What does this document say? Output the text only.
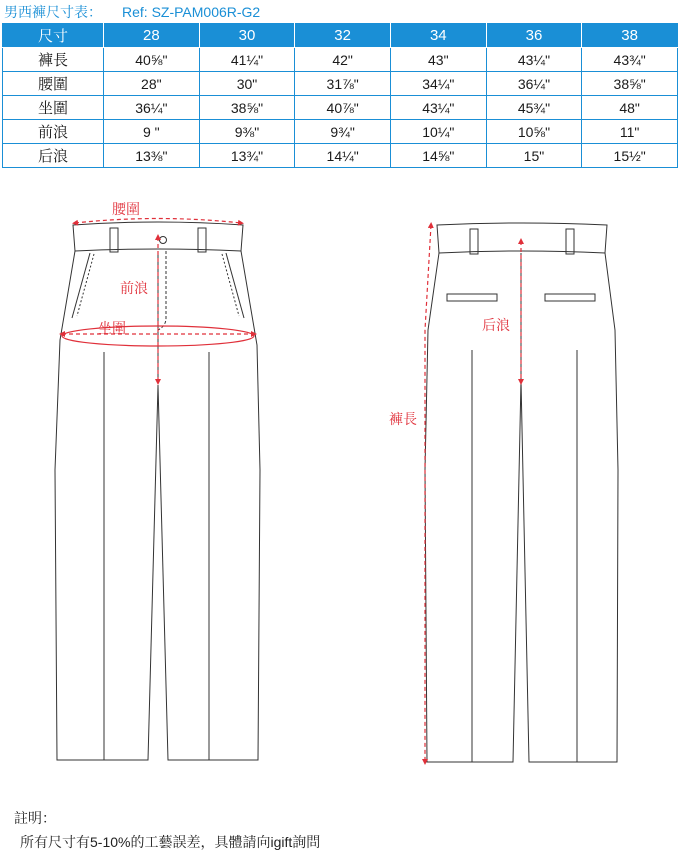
男西褲尺寸表： Ref: SZ-PAM006R-G2
尺寸	28	30	32	34	36	38
褲長	40⅝"	41¼"	42"	43"	43¼"	43¾"
腰圍	28"	30"	31⅞"	34¼"	36¼"	38⅝"
坐圍	36¼"	38⅝"	40⅞"	43¼"	45¾"	48"
前浪	9 "	9⅜"	9¾"	10¼"	10⅝"	11"
后浪	13⅜"	13¾"	14¼"	14⅝"	15"	15½"
腰圍
前浪
坐圍	后浪
褲長
註明：
所有尺寸有5-10%的工藝誤差，具體請向igift詢問
